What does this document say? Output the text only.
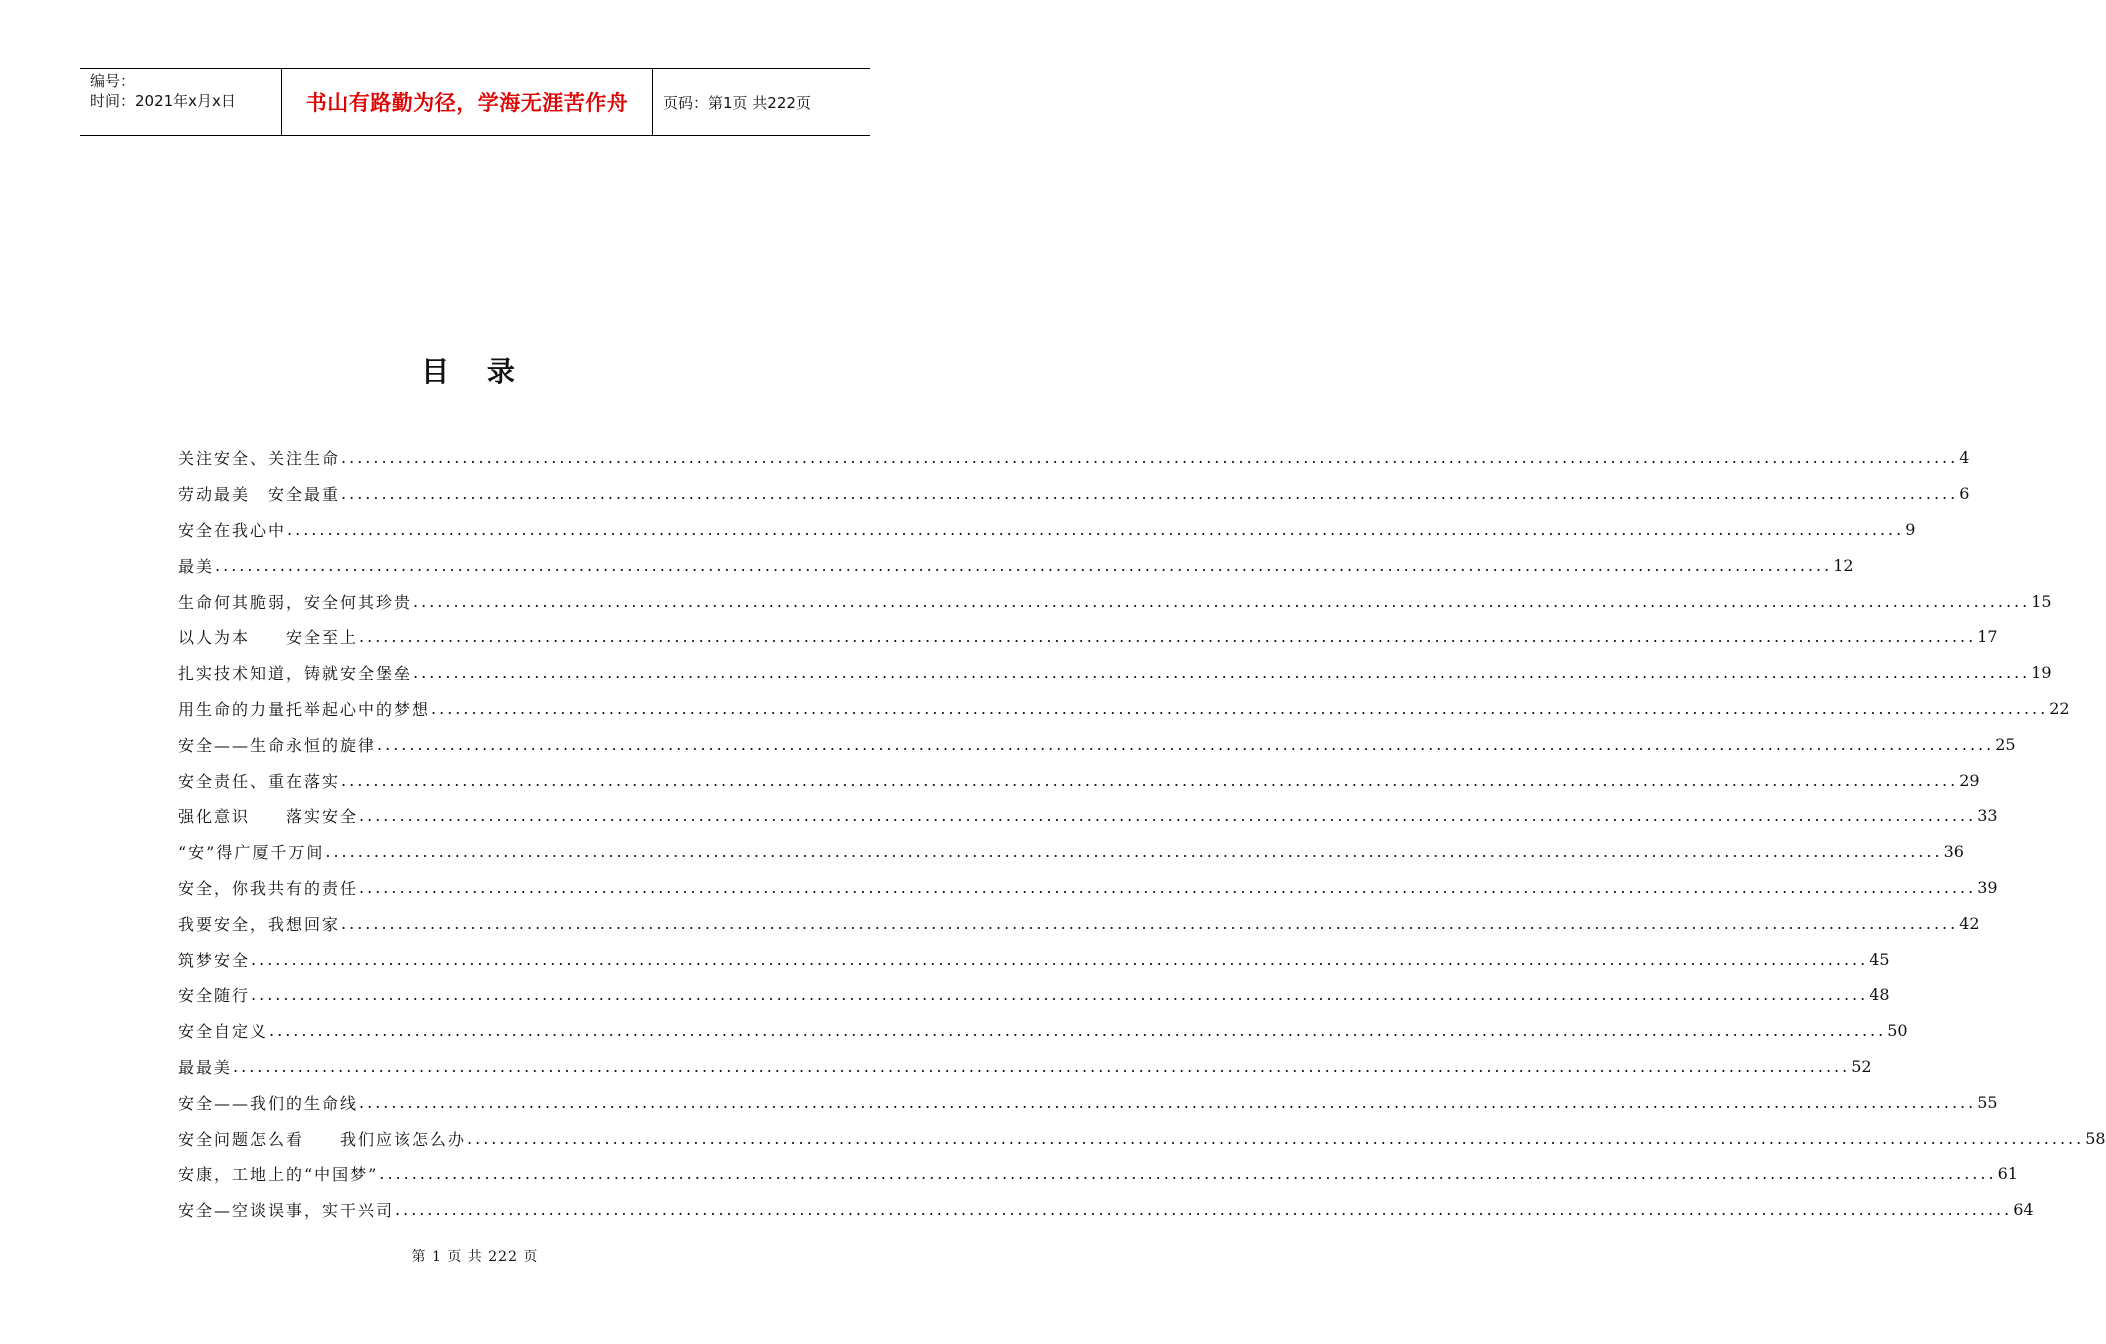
编号：
时间：2021年x月x日	书山有路勤为径，学海无涯苦作舟	页码：第1页 共222页
目 录
关注安全、关注生命 ........................................................................................................................................................................................................ 4
劳动最美　安全最重 ........................................................................................................................................................................................................ 6
安全在我心中 ........................................................................................................................................................................................................ 9
最美 ........................................................................................................................................................................................................ 12
生命何其脆弱，安全何其珍贵 ........................................................................................................................................................................................................ 15
以人为本　　安全至上 ........................................................................................................................................................................................................ 17
扎实技术知道，铸就安全堡垒 ........................................................................................................................................................................................................ 19
用生命的力量托举起心中的梦想 ........................................................................................................................................................................................................ 22
安全——生命永恒的旋律 ........................................................................................................................................................................................................ 25
安全责任、重在落实 ........................................................................................................................................................................................................ 29
强化意识　　落实安全 ........................................................................................................................................................................................................ 33
“安”得广厦千万间 ........................................................................................................................................................................................................ 36
安全，你我共有的责任 ........................................................................................................................................................................................................ 39
我要安全，我想回家 ........................................................................................................................................................................................................ 42
筑梦安全 ........................................................................................................................................................................................................ 45
安全随行 ........................................................................................................................................................................................................ 48
安全自定义 ........................................................................................................................................................................................................ 50
最最美 ........................................................................................................................................................................................................ 52
安全——我们的生命线 ........................................................................................................................................................................................................ 55
安全问题怎么看　　我们应该怎么办 ........................................................................................................................................................................................................ 58
安康，工地上的“中国梦” ........................................................................................................................................................................................................ 61
安全—空谈误事，实干兴司 ........................................................................................................................................................................................................ 64
第 1 页 共 222 页
